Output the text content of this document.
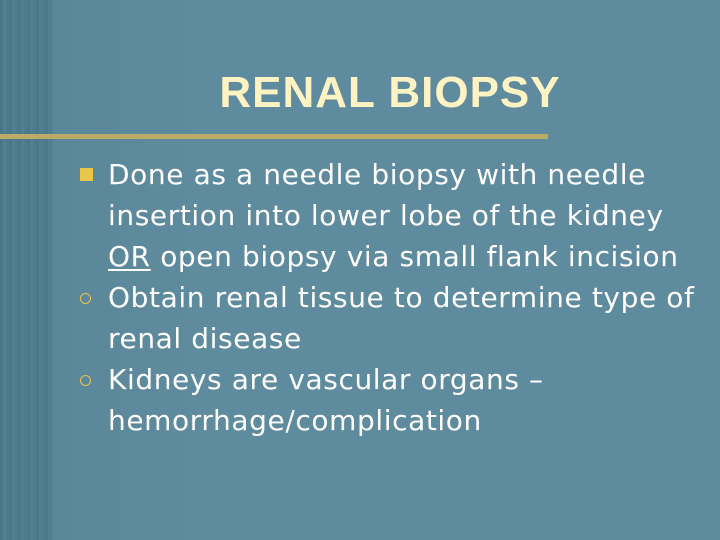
RENAL BIOPSY
Done as a needle biopsy with needle insertion into lower lobe of the kidney OR open biopsy via small flank incision
Obtain renal tissue to determine type of renal disease
Kidneys are vascular organs – hemorrhage/complication
